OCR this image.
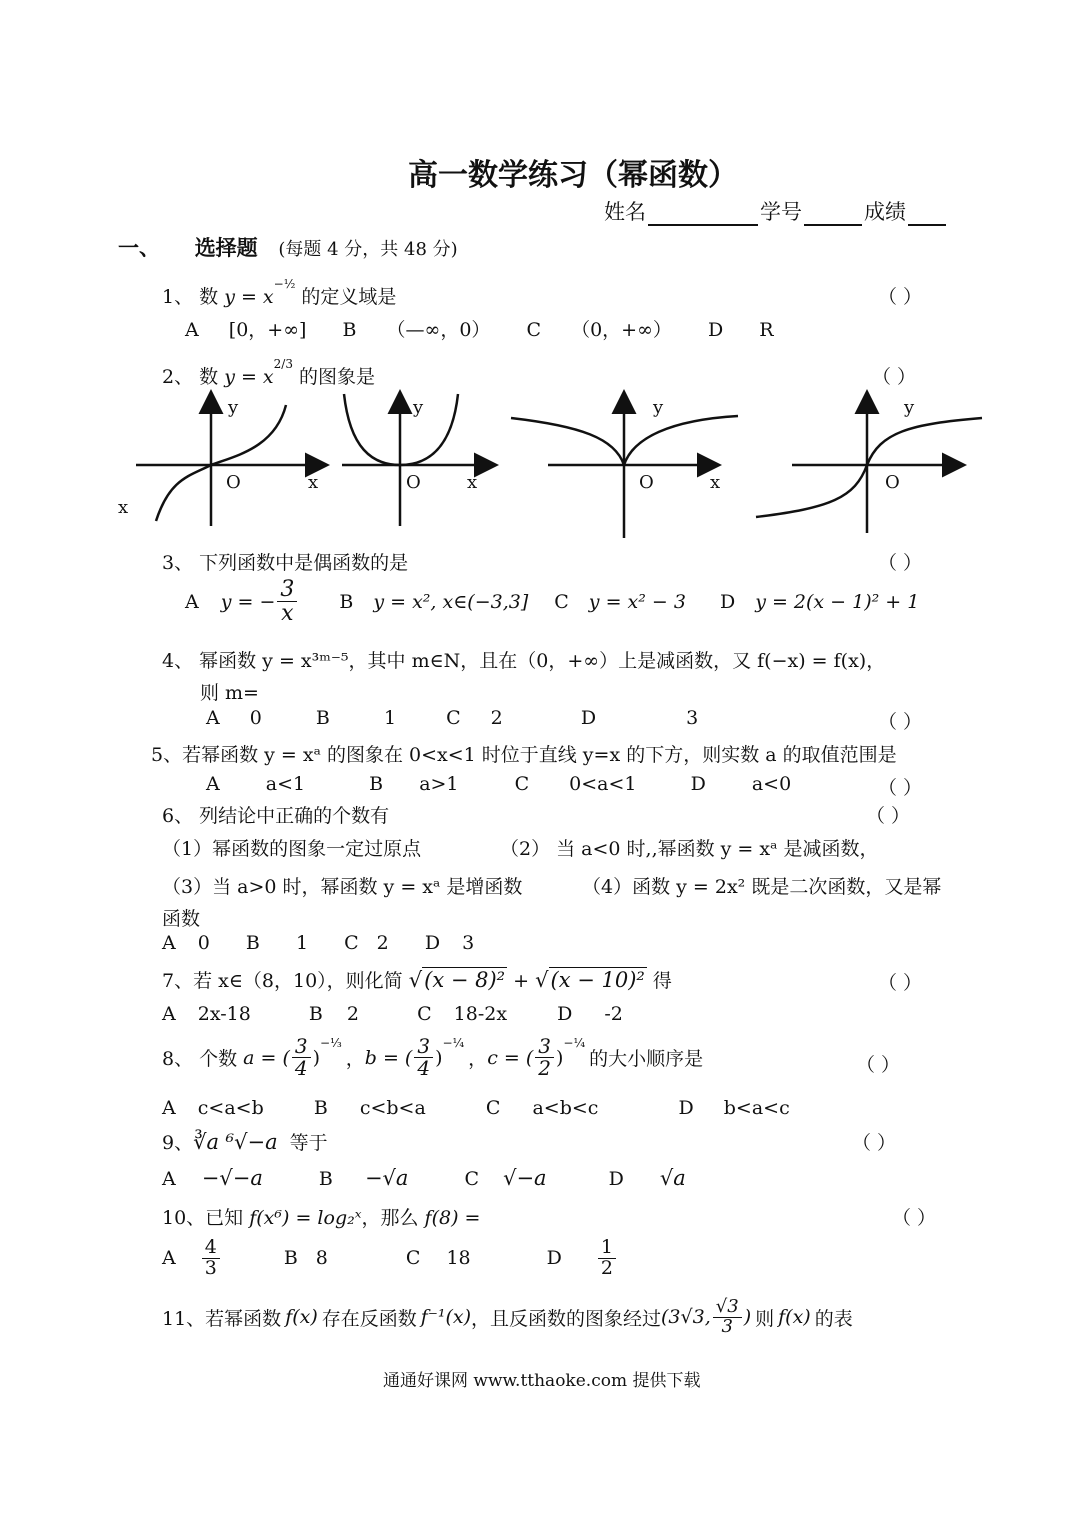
高一数学练习（幂函数）
姓名	学号	成绩
一、 选择题 (每题 4 分，共 48 分)
1、 数 $y = x^{-\frac{1}{2}}$ 的定义域是	（ ）
A [0，+∞] B （—∞，0） C （0，+∞） D R
2、 数 $y = x^{2/3}$ 的图象是	（ ）
y
O	x
x
y
O	x
y
O	x
y
O
3、 下列函数中是偶函数的是	（ ）
A y = − $\frac{3}{x}$ B y = x², x∈(−3,3] C y = x² − 3 D y = 2(x − 1)² + 1
4、 幂函数 y = x³ᵐ⁻⁵，其中 m∈N，且在（0，+∞）上是减函数，又 f(−x) = f(x)，
则 m=
A 0	B	1	C 2	D	3	（ ）
5、若幂函数 y = xᵃ 的图象在 0<x<1 时位于直线 y=x 的下方，则实数 a 的取值范围是
A a<1	B a>1	C 0<a<1	D a<0	（ ）
6、 列结论中正确的个数有	（ ）
（1）幂函数的图象一定过原点	（2） 当 a<0 时,,幂函数 y = xᵃ 是减函数，
（3）当 a>0 时，幂函数 y = xᵃ 是增函数	（4）函数 y = 2x² 既是二次函数，又是幂
函数
A 0 B 1 C 2 D 3
7、若 x∈（8，10），则化简 √(x − 8)² + √(x − 10)² 得	（ ）
A 2x-18	B 2	C 18-2x	D -2
8、 个数 a = ( $\frac{3}{4}$ )
$^{-\frac{1}{3}}$
， b = ( $\frac{3}{4}$ )
$^{-\frac{1}{4}}$
， c = ( $\frac{3}{2}$ )
$^{-\frac{1}{4}}$
的大小顺序是	（ ）
A c<a<b	B c<b<a	C a<b<c	D b<a<c
9、∛a ⁶√−a 等于	（ ）
A −√−a	B −√a	C √−a	D √a
10、已知 f(x⁶) = log₂ˣ，那么 f(8) =	（ ）
A $\frac{4}{3}$	B 8	C 18	D $\frac{1}{2}$
11、若幂函数 f(x) 存在反函数 f⁻¹(x) ，且反函数的图象经过 (3√3, $\frac{√3}{3}$ ) 则 f(x) 的表
通通好课网 www.tthaoke.com 提供下载
